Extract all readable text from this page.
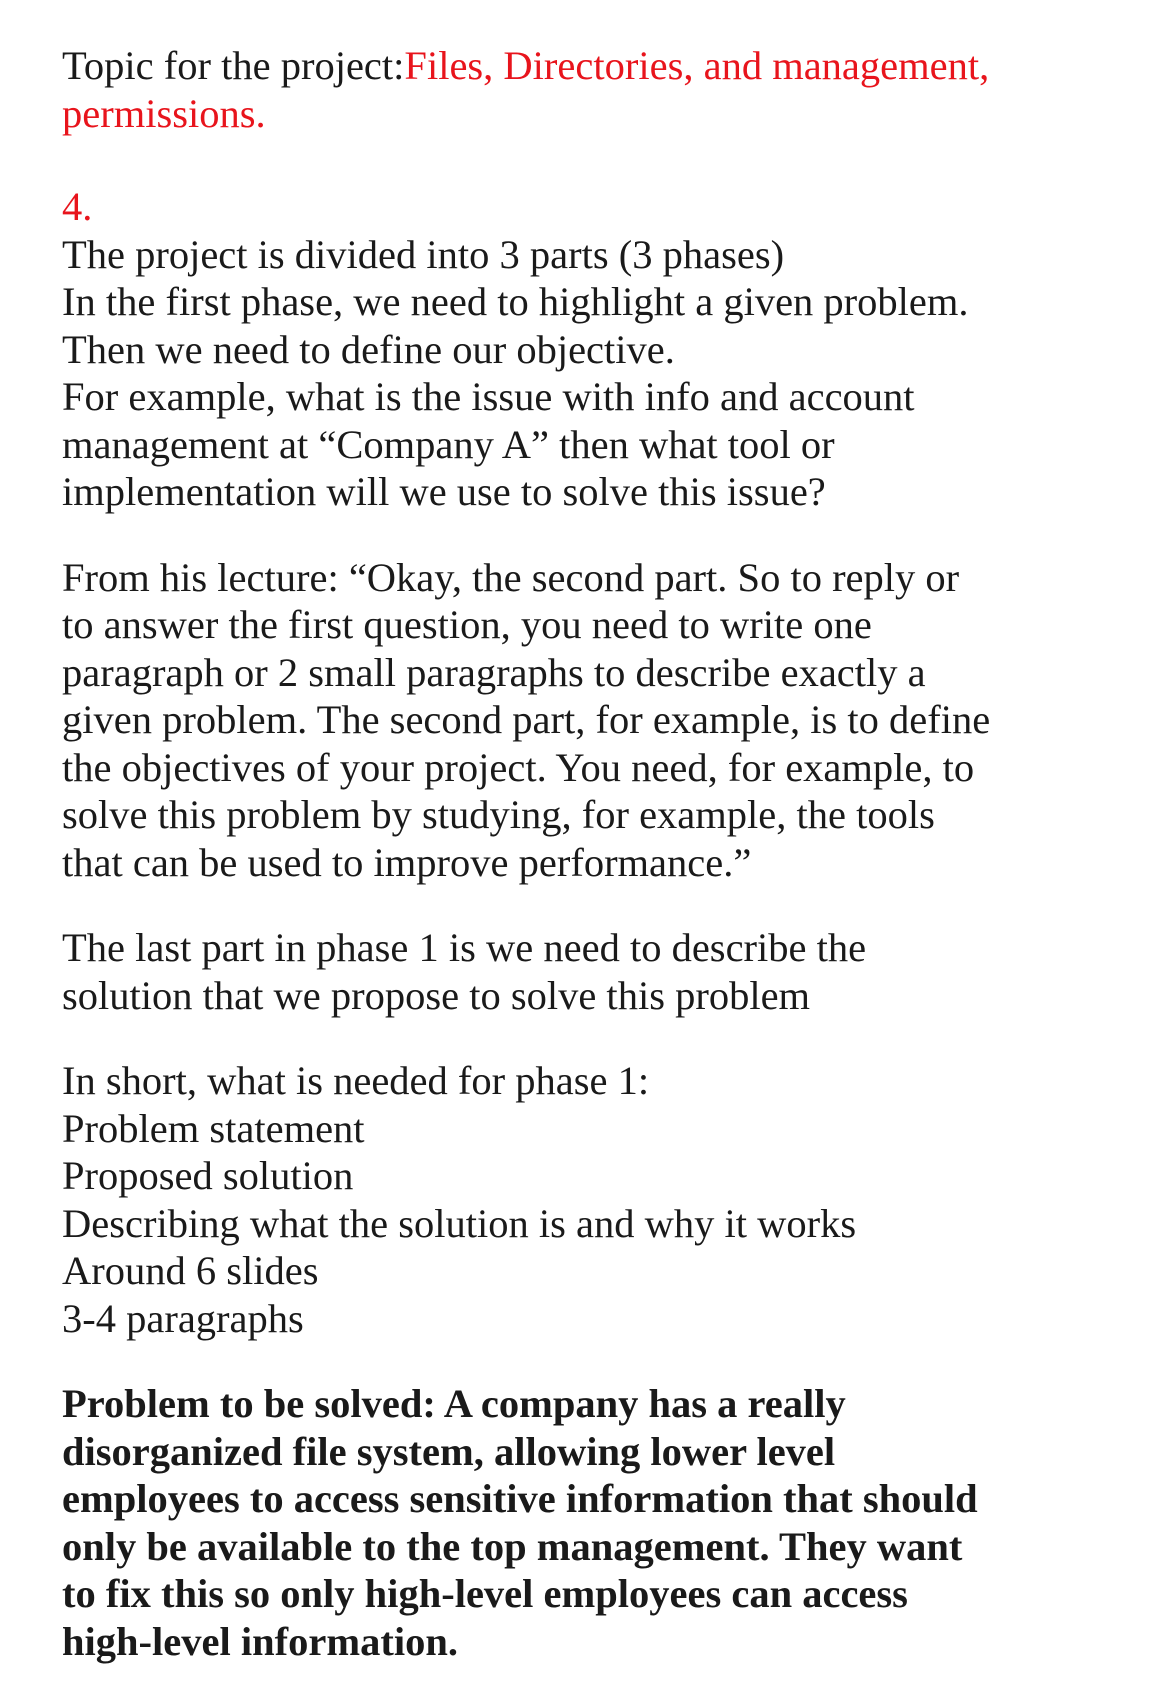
Topic for the project:Files, Directories, and management,
permissions.
4.
The project is divided into 3 parts (3 phases)
In the first phase, we need to highlight a given problem.
Then we need to define our objective.
For example, what is the issue with info and account
management at “Company A” then what tool or
implementation will we use to solve this issue?
From his lecture: “Okay, the second part. So to reply or
to answer the first question, you need to write one
paragraph or 2 small paragraphs to describe exactly a
given problem. The second part, for example, is to define
the objectives of your project. You need, for example, to
solve this problem by studying, for example, the tools
that can be used to improve performance.”
The last part in phase 1 is we need to describe the
solution that we propose to solve this problem
In short, what is needed for phase 1:
Problem statement
Proposed solution
Describing what the solution is and why it works
Around 6 slides
3-4 paragraphs
Problem to be solved: A company has a really
disorganized file system, allowing lower level
employees to access sensitive information that should
only be available to the top management. They want
to fix this so only high-level employees can access
high-level information.
